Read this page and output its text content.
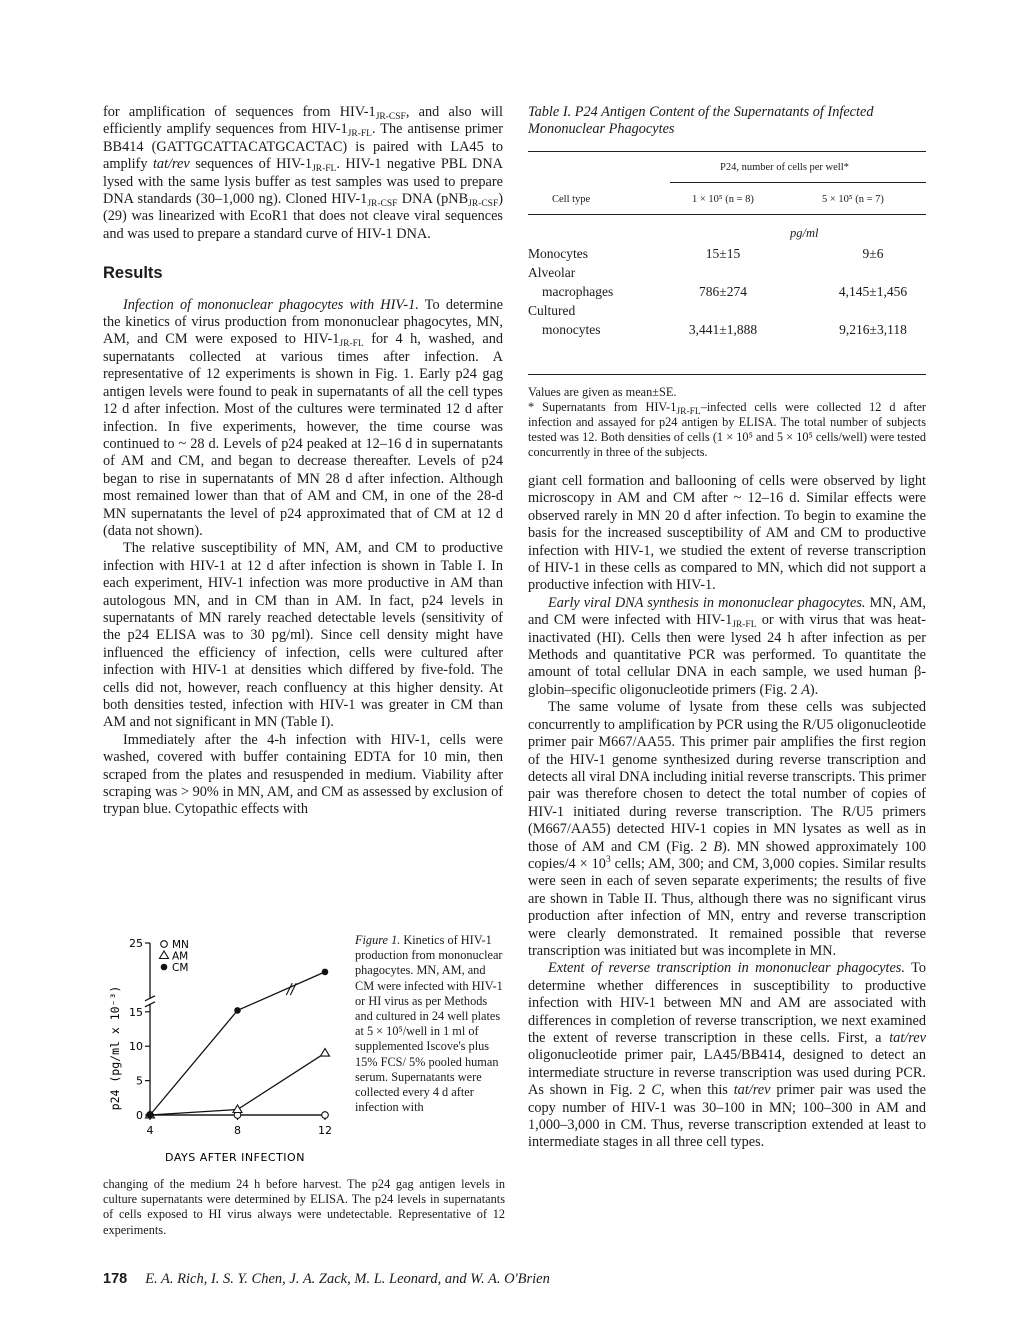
for amplification of sequences from HIV-$1_{JR-CSF}$, and also will efficiently amplify sequences from HIV-$1_{JR-FL}$. The antisense primer BB414 (GATTGCATTACATGCACTAC) is paired with LA45 to amplify tat/rev sequences of HIV-$1_{JR-FL}$. HIV-1 negative PBL DNA lysed with the same lysis buffer as test samples was used to prepare DNA standards (30–1,000 ng). Cloned HIV-$1_{JR-CSF}$ DNA (pNB$_{JR-CSF}$) (29) was linearized with EcoR1 that does not cleave viral sequences and was used to prepare a standard curve of HIV-1 DNA.

Results

Infection of mononuclear phagocytes with HIV-1. To determine the kinetics of virus production from mononuclear phagocytes, MN, AM, and CM were exposed to HIV-$1_{JR-FL}$ for 4 h, washed, and supernatants collected at various times after infection. A representative of 12 experiments is shown in Fig. 1. Early p24 gag antigen levels were found to peak in supernatants of all the cell types 12 d after infection. Most of the cultures were terminated 12 d after infection. In five experiments, however, the time course was continued to ~ 28 d. Levels of p24 peaked at 12–16 d in supernatants of AM and CM, and began to decrease thereafter. Levels of p24 began to rise in supernatants of MN 28 d after infection. Although most remained lower than that of AM and CM, in one of the 28-d MN supernatants the level of p24 approximated that of CM at 12 d (data not shown).

The relative susceptibility of MN, AM, and CM to productive infection with HIV-1 at 12 d after infection is shown in Table I. In each experiment, HIV-1 infection was more productive in AM than autologous MN, and in CM than in AM. In fact, p24 levels in supernatants of MN rarely reached detectable levels (sensitivity of the p24 ELISA was to 30 pg/ml). Since cell density might have influenced the efficiency of infection, cells were cultured after infection with HIV-1 at densities which differed by five-fold. The cells did not, however, reach confluency at this higher density. At both densities tested, infection with HIV-1 was greater in CM than AM and not significant in MN (Table I).

Immediately after the 4-h infection with HIV-1, cells were washed, covered with buffer containing EDTA for 10 min, then scraped from the plates and resuspended in medium. Viability after scraping was > 90% in MN, AM, and CM as assessed by exclusion of trypan blue. Cytopathic effects with

Table I. P24 Antigen Content of the Supernatants of Infected Mononuclear Phagocytes
P24, number of cells per well*
Cell type	1 × 10⁵ (n = 8)	5 × 10⁵ (n = 7)
pg/ml
Monocytes	15±15	9±6
Alveolar
macrophages	786±274	4,145±1,456
Cultured
monocytes	3,441±1,888	9,216±3,118

Values are given as mean±SE.

* Supernatants from HIV-$1_{JR-FL}$–infected cells were collected 12 d after infection and assayed for p24 antigen by ELISA. The total number of subjects tested was 12. Both densities of cells (1 × 10⁵ and 5 × 10⁵ cells/well) were tested concurrently in three of the subjects.

0
5
10
15
25
4	8	12
MN
AM
CM
p24 (pg/ml x 10⁻³)
DAYS AFTER INFECTION
Figure 1. Kinetics of HIV-1 production from mononuclear phagocytes. MN, AM, and CM were infected with HIV-1 or HI virus as per Methods and cultured in 24 well plates at 5 × 10⁵/well in 1 ml of supplemented Iscove's plus 15% FCS/ 5% pooled human serum. Supernatants were collected every 4 d after infection with
changing of the medium 24 h before harvest. The p24 gag antigen levels in culture supernatants were determined by ELISA. The p24 levels in supernatants of cells exposed to HI virus always were undetectable. Representative of 12 experiments.

giant cell formation and ballooning of cells were observed by light microscopy in AM and CM after ~ 12–16 d. Similar effects were observed rarely in MN 20 d after infection. To begin to examine the basis for the increased susceptibility of AM and CM to productive infection with HIV-1, we studied the extent of reverse transcription of HIV-1 in these cells as compared to MN, which did not support a productive infection with HIV-1.

Early viral DNA synthesis in mononuclear phagocytes. MN, AM, and CM were infected with HIV-$1_{JR-FL}$ or with virus that was heat-inactivated (HI). Cells then were lysed 24 h after infection as per Methods and quantitative PCR was performed. To quantitate the amount of total cellular DNA in each sample, we used human β-globin–specific oligonucleotide primers (Fig. 2 A).

The same volume of lysate from these cells was subjected concurrently to amplification by PCR using the R/U5 oligonucleotide primer pair M667/AA55. This primer pair amplifies the first region of the HIV-1 genome synthesized during reverse transcription and detects all viral DNA including initial reverse transcripts. This primer pair was therefore chosen to detect the total number of copies of HIV-1 initiated during reverse transcription. The R/U5 primers (M667/AA55) detected HIV-1 copies in MN lysates as well as in those of AM and CM (Fig. 2 B). MN showed approximately 100 copies/4 × $10^3$ cells; AM, 300; and CM, 3,000 copies. Similar results were seen in each of seven separate experiments; the results of five are shown in Table II. Thus, although there was no significant virus production after infection of MN, entry and reverse transcription were clearly demonstrated. It remained possible that reverse transcription was initiated but was incomplete in MN.

Extent of reverse transcription in mononuclear phagocytes. To determine whether differences in susceptibility to productive infection with HIV-1 between MN and AM are associated with differences in completion of reverse transcription, we next examined the extent of reverse transcription in these cells. First, a tat/rev oligonucleotide primer pair, LA45/BB414, designed to detect an intermediate structure in reverse transcription was used during PCR. As shown in Fig. 2 C, when this tat/rev primer pair was used the copy number of HIV-1 was 30–100 in MN; 100–300 in AM and 1,000–3,000 in CM. Thus, reverse transcription extended at least to intermediate stages in all three cell types.

178 E. A. Rich, I. S. Y. Chen, J. A. Zack, M. L. Leonard, and W. A. O'Brien
